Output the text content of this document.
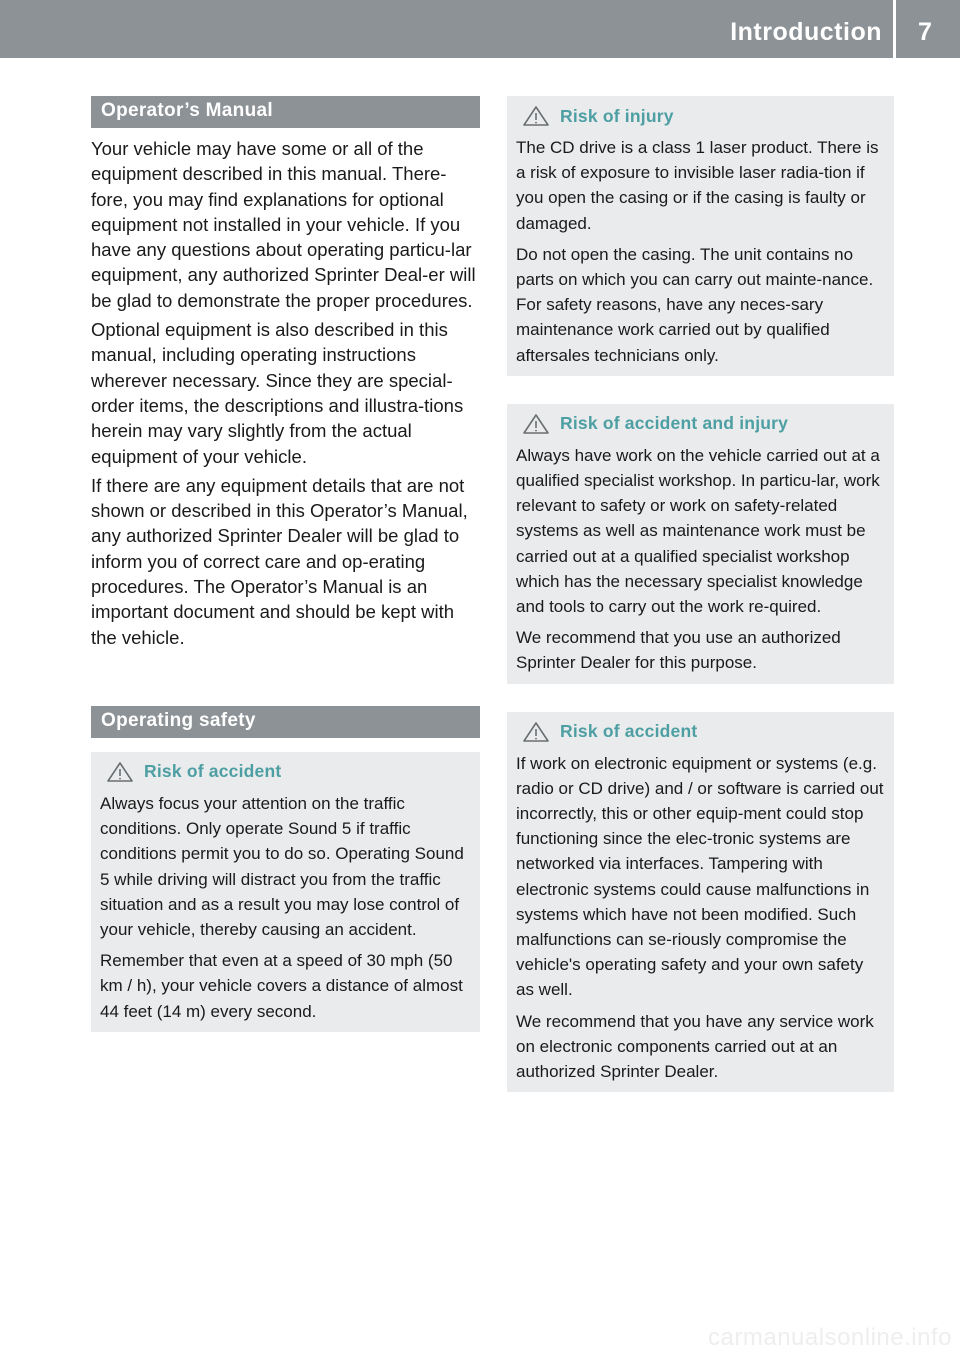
Introduction 7
Operator’s Manual

Your vehicle may have some or all of the equipment described in this manual. There-fore, you may find explanations for optional equipment not installed in your vehicle. If you have any questions about operating particu-lar equipment, any authorized Sprinter Deal-er will be glad to demonstrate the proper procedures.

Optional equipment is also described in this manual, including operating instructions wherever necessary. Since they are special-order items, the descriptions and illustra-tions herein may vary slightly from the actual equipment of your vehicle.

If there are any equipment details that are not shown or described in this Operator’s Manual, any authorized Sprinter Dealer will be glad to inform you of correct care and op-erating procedures. The Operator’s Manual is an important document and should be kept with the vehicle.

Operating safety
Risk of accident

Always focus your attention on the traffic conditions. Only operate Sound 5 if traffic conditions permit you to do so. Operating Sound 5 while driving will distract you from the traffic situation and as a result you may lose control of your vehicle, thereby causing an accident.

Remember that even at a speed of 30 mph (50 km / h), your vehicle covers a distance of almost 44 feet (14 m) every second.

Risk of injury

The CD drive is a class 1 laser product. There is a risk of exposure to invisible laser radia-tion if you open the casing or if the casing is faulty or damaged.

Do not open the casing. The unit contains no parts on which you can carry out mainte-nance. For safety reasons, have any neces-sary maintenance work carried out by qualified aftersales technicians only.

Risk of accident and injury

Always have work on the vehicle carried out at a qualified specialist workshop. In particu-lar, work relevant to safety or work on safety-related systems as well as maintenance work must be carried out at a qualified specialist workshop which has the necessary specialist knowledge and tools to carry out the work re-quired.

We recommend that you use an authorized Sprinter Dealer for this purpose.

Risk of accident

If work on electronic equipment or systems (e.g. radio or CD drive) and / or software is carried out incorrectly, this or other equip-ment could stop functioning since the elec-tronic systems are networked via interfaces. Tampering with electronic systems could cause malfunctions in systems which have not been modified. Such malfunctions can se-riously compromise the vehicle's operating safety and your own safety as well.

We recommend that you have any service work on electronic components carried out at an authorized Sprinter Dealer.

carmanualsonline.info
